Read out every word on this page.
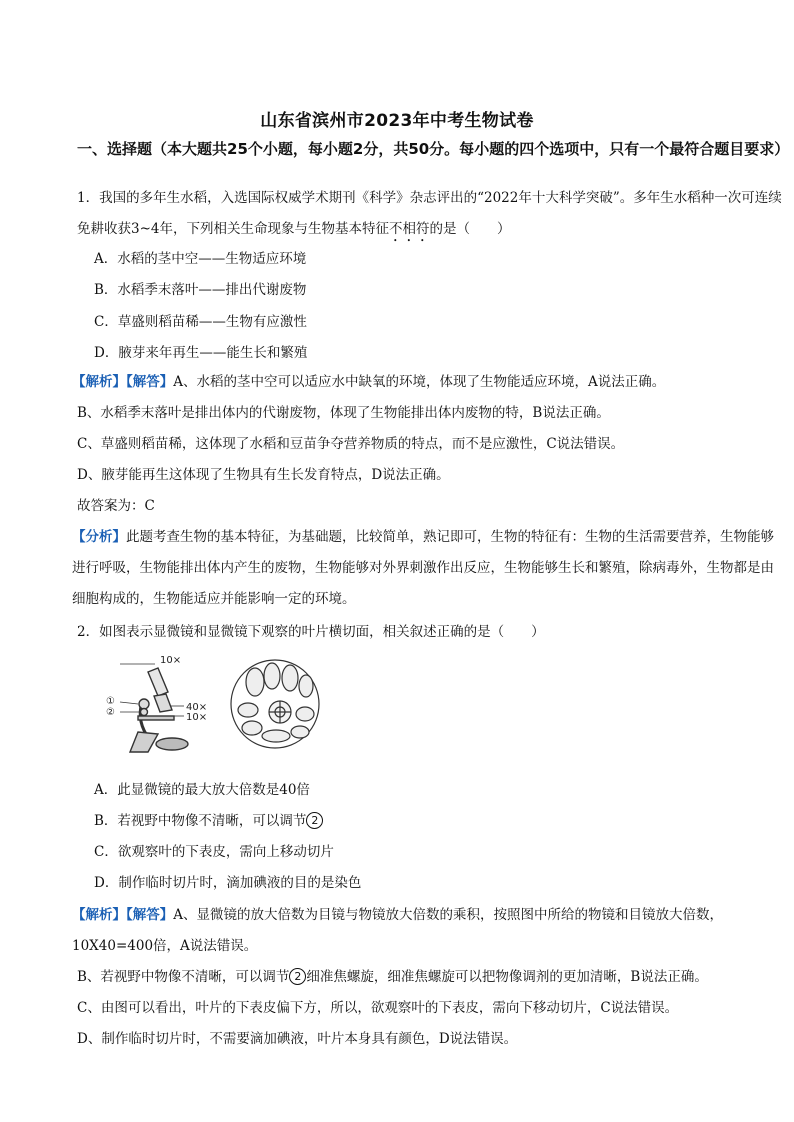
山东省滨州市2023年中考生物试卷
一、选择题（本大题共25个小题，每小题2分，共50分。每小题的四个选项中，只有一个最符合题目要求）
1．我国的多年生水稻，入选国际权威学术期刊《科学》杂志评出的“2022年十大科学突破”。多年生水稻种一次可连续免耕收获3~4年，下列相关生命现象与生物基本特征不相符的是（　　）
A．水稻的茎中空——生物适应环境
B．水稻季末落叶——排出代谢废物
C．草盛则稻苗稀——生物有应激性
D．腋芽来年再生——能生长和繁殖
【解析】【解答】A、水稻的茎中空可以适应水中缺氧的环境，体现了生物能适应环境，A说法正确。
B、水稻季末落叶是排出体内的代谢废物，体现了生物能排出体内废物的特，B说法正确。
C、草盛则稻苗稀，这体现了水稻和豆苗争夺营养物质的特点，而不是应激性，C说法错误。
D、腋芽能再生这体现了生物具有生长发育特点，D说法正确。
故答案为：C
【分析】此题考查生物的基本特征，为基础题，比较简单，熟记即可，生物的特征有：生物的生活需要营养，生物能够进行呼吸，生物能排出体内产生的废物，生物能够对外界刺激作出反应，生物能够生长和繁殖，除病毒外，生物都是由细胞构成的，生物能适应并能影响一定的环境。
2．如图表示显微镜和显微镜下观察的叶片横切面，相关叙述正确的是（　　）
10×
①
②	40×
10×
A．此显微镜的最大放大倍数是40倍
B．若视野中物像不清晰，可以调节 2
C．欲观察叶的下表皮，需向上移动切片
D．制作临时切片时，滴加碘液的目的是染色
【解析】【解答】A、显微镜的放大倍数为目镜与物镜放大倍数的乘积，按照图中所给的物镜和目镜放大倍数，10X40=400倍，A说法错误。
B、若视野中物像不清晰，可以调节 2 细准焦螺旋，细准焦螺旋可以把物像调剂的更加清晰，B说法正确。
C、由图可以看出，叶片的下表皮偏下方，所以，欲观察叶的下表皮，需向下移动切片，C说法错误。
D、制作临时切片时，不需要滴加碘液，叶片本身具有颜色，D说法错误。
